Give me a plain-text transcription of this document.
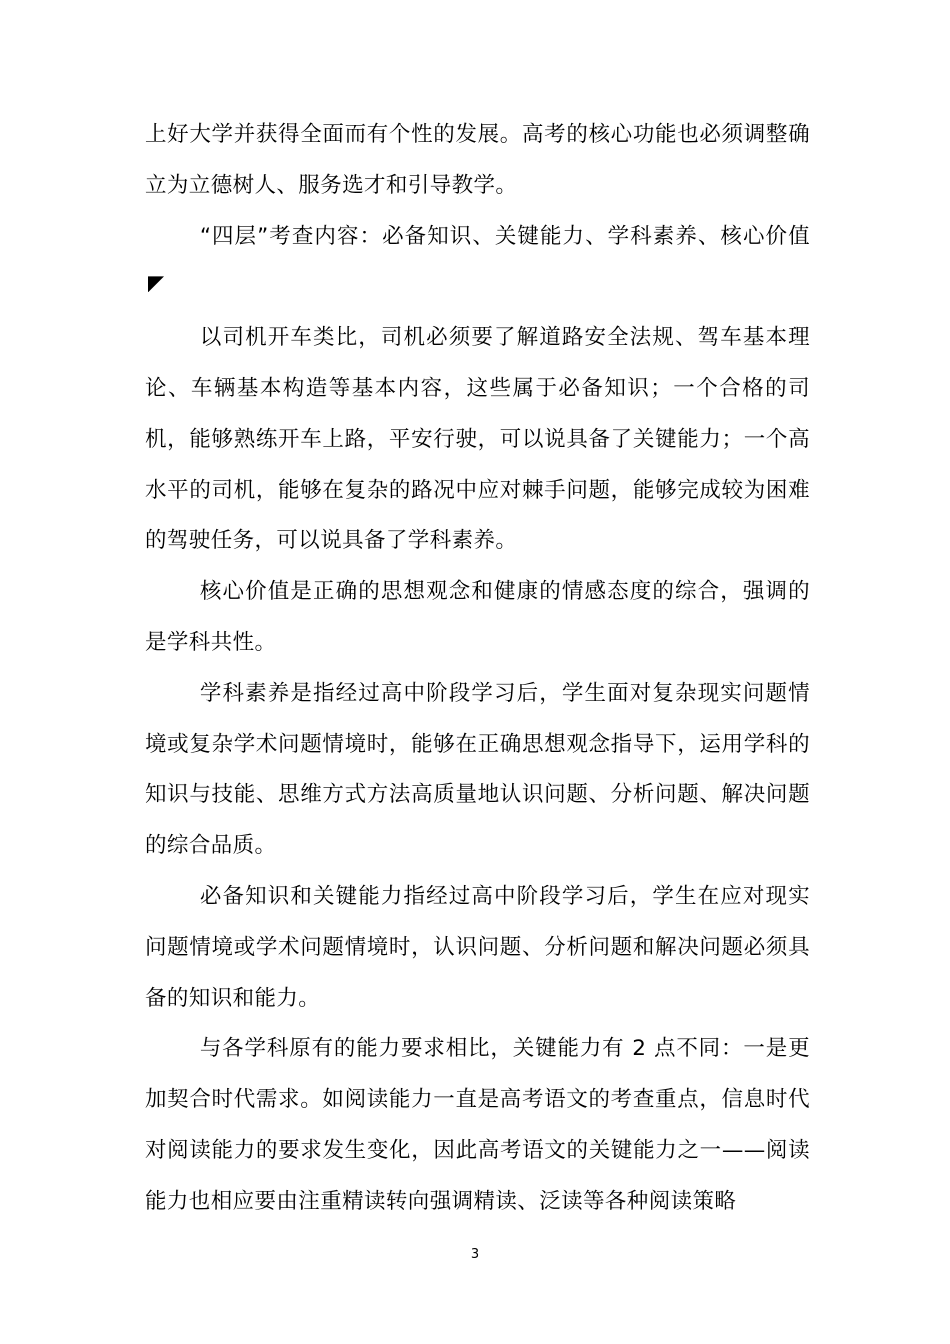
上好大学并获得全面而有个性的发展。高考的核心功能也必须调整确立为立德树人、服务选才和引导教学。

“四层”考查内容：必备知识、关键能力、学科素养、核心价值

以司机开车类比，司机必须要了解道路安全法规、驾车基本理论、车辆基本构造等基本内容，这些属于必备知识；一个合格的司机，能够熟练开车上路，平安行驶，可以说具备了关键能力；一个高水平的司机，能够在复杂的路况中应对棘手问题，能够完成较为困难的驾驶任务，可以说具备了学科素养。

核心价值是正确的思想观念和健康的情感态度的综合，强调的是学科共性。

学科素养是指经过高中阶段学习后，学生面对复杂现实问题情境或复杂学术问题情境时，能够在正确思想观念指导下，运用学科的知识与技能、思维方式方法高质量地认识问题、分析问题、解决问题的综合品质。

必备知识和关键能力指经过高中阶段学习后，学生在应对现实问题情境或学术问题情境时，认识问题、分析问题和解决问题必须具备的知识和能力。

与各学科原有的能力要求相比，关键能力有 2 点不同：一是更加契合时代需求。如阅读能力一直是高考语文的考查重点，信息时代对阅读能力的要求发生变化，因此高考语文的关键能力之一——阅读能力也相应要由注重精读转向强调精读、泛读等各种阅读策略

3
